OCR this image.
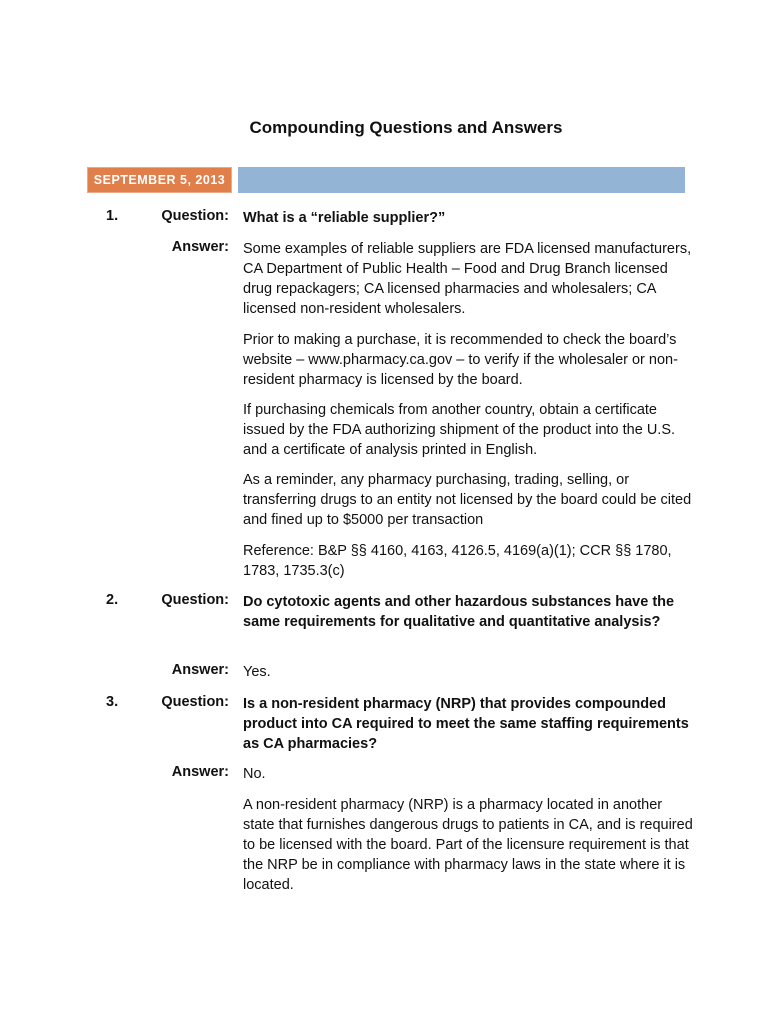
Compounding Questions and Answers
SEPTEMBER 5, 2013
1.	Question: What is a “reliable supplier?”
Answer: Some examples of reliable suppliers are FDA licensed manufacturers, CA Department of Public Health – Food and Drug Branch licensed drug repackagers; CA licensed pharmacies and wholesalers; CA licensed non-resident wholesalers.
Prior to making a purchase, it is recommended to check the board’s website – www.pharmacy.ca.gov – to verify if the wholesaler or non-resident pharmacy is licensed by the board.
If purchasing chemicals from another country, obtain a certificate issued by the FDA authorizing shipment of the product into the U.S. and a certificate of analysis printed in English.
As a reminder, any pharmacy purchasing, trading, selling, or transferring drugs to an entity not licensed by the board could be cited and fined up to $5000 per transaction
Reference: B&P §§ 4160, 4163, 4126.5, 4169(a)(1); CCR §§ 1780, 1783, 1735.3(c)
2.	Question: Do cytotoxic agents and other hazardous substances have the same requirements for qualitative and quantitative analysis?
Answer: Yes.
3.	Question: Is a non-resident pharmacy (NRP) that provides compounded product into CA required to meet the same staffing requirements as CA pharmacies?
Answer: No.
A non-resident pharmacy (NRP) is a pharmacy located in another state that furnishes dangerous drugs to patients in CA, and is required to be licensed with the board. Part of the licensure requirement is that the NRP be in compliance with pharmacy laws in the state where it is located.
